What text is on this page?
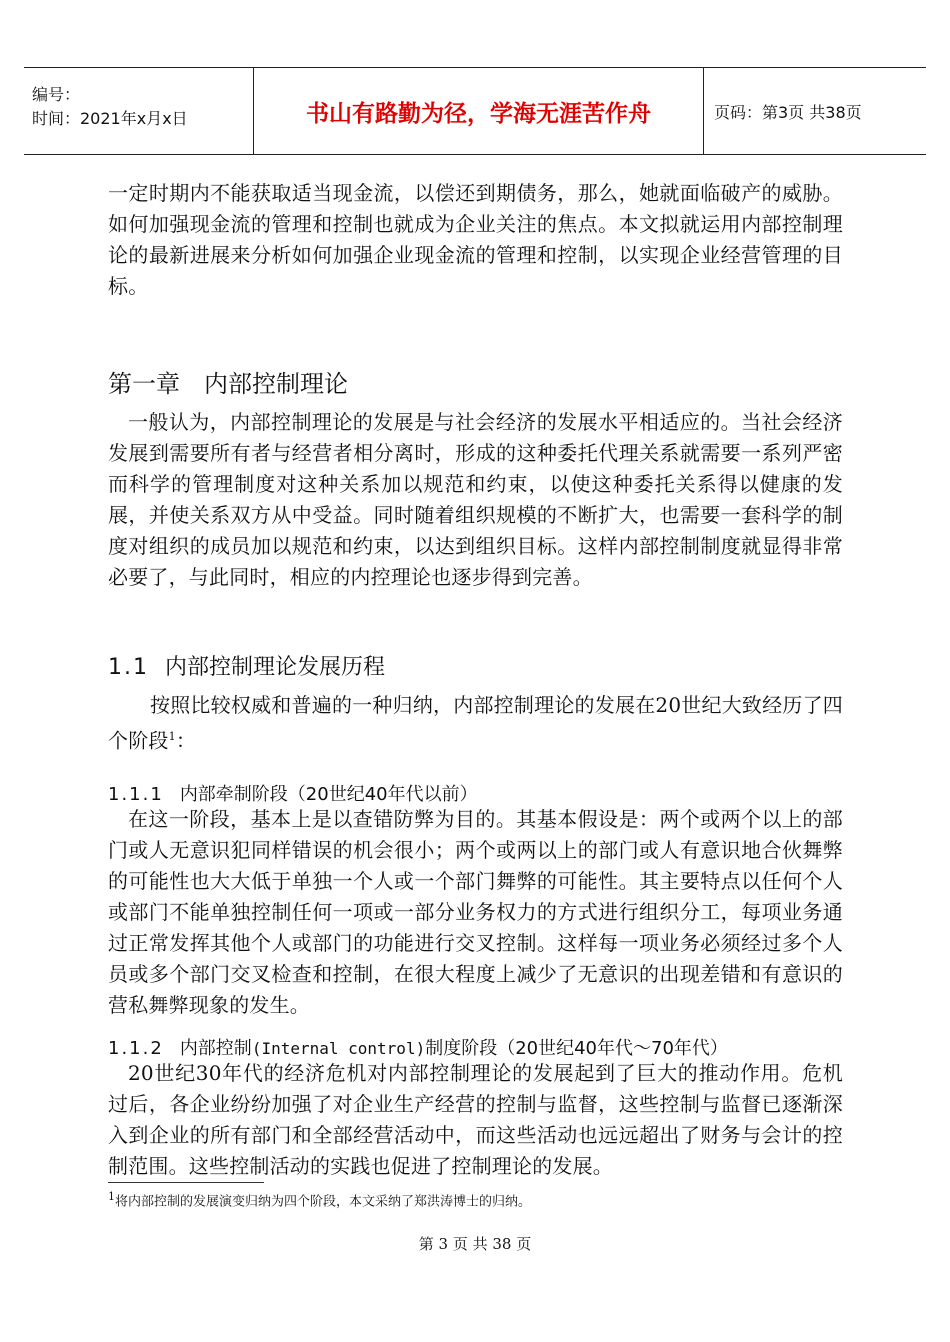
编号：
时间：2021年x月x日	书山有路勤为径，学海无涯苦作舟	页码：第3页 共38页

一定时期内不能获取适当现金流，以偿还到期债务，那么，她就面临破产的威胁。如何加强现金流的管理和控制也就成为企业关注的焦点。本文拟就运用内部控制理论的最新进展来分析如何加强企业现金流的管理和控制，以实现企业经营管理的目标。

第一章　内部控制理论

一般认为，内部控制理论的发展是与社会经济的发展水平相适应的。当社会经济发展到需要所有者与经营者相分离时，形成的这种委托代理关系就需要一系列严密而科学的管理制度对这种关系加以规范和约束，以使这种委托关系得以健康的发展，并使关系双方从中受益。同时随着组织规模的不断扩大，也需要一套科学的制度对组织的成员加以规范和约束，以达到组织目标。这样内部控制制度就显得非常必要了，与此同时，相应的内控理论也逐步得到完善。

1.1 内部控制理论发展历程

按照比较权威和普遍的一种归纳，内部控制理论的发展在20世纪大致经历了四个阶段$^1$：

1.1.1 内部牵制阶段（20世纪40年代以前）

在这一阶段，基本上是以查错防弊为目的。其基本假设是：两个或两个以上的部门或人无意识犯同样错误的机会很小；两个或两以上的部门或人有意识地合伙舞弊的可能性也大大低于单独一个人或一个部门舞弊的可能性。其主要特点以任何个人或部门不能单独控制任何一项或一部分业务权力的方式进行组织分工，每项业务通过正常发挥其他个人或部门的功能进行交叉控制。这样每一项业务必须经过多个人员或多个部门交叉检查和控制，在很大程度上减少了无意识的出现差错和有意识的营私舞弊现象的发生。

1.1.2 内部控制(Internal control)制度阶段（20世纪40年代～70年代）

20世纪30年代的经济危机对内部控制理论的发展起到了巨大的推动作用。危机过后，各企业纷纷加强了对企业生产经营的控制与监督，这些控制与监督已逐渐深入到企业的所有部门和全部经营活动中，而这些活动也远远超出了财务与会计的控制范围。这些控制活动的实践也促进了控制理论的发展。

$^1$将内部控制的发展演变归纳为四个阶段，本文采纳了郑洪涛博士的归纳。
第 3 页 共 38 页
